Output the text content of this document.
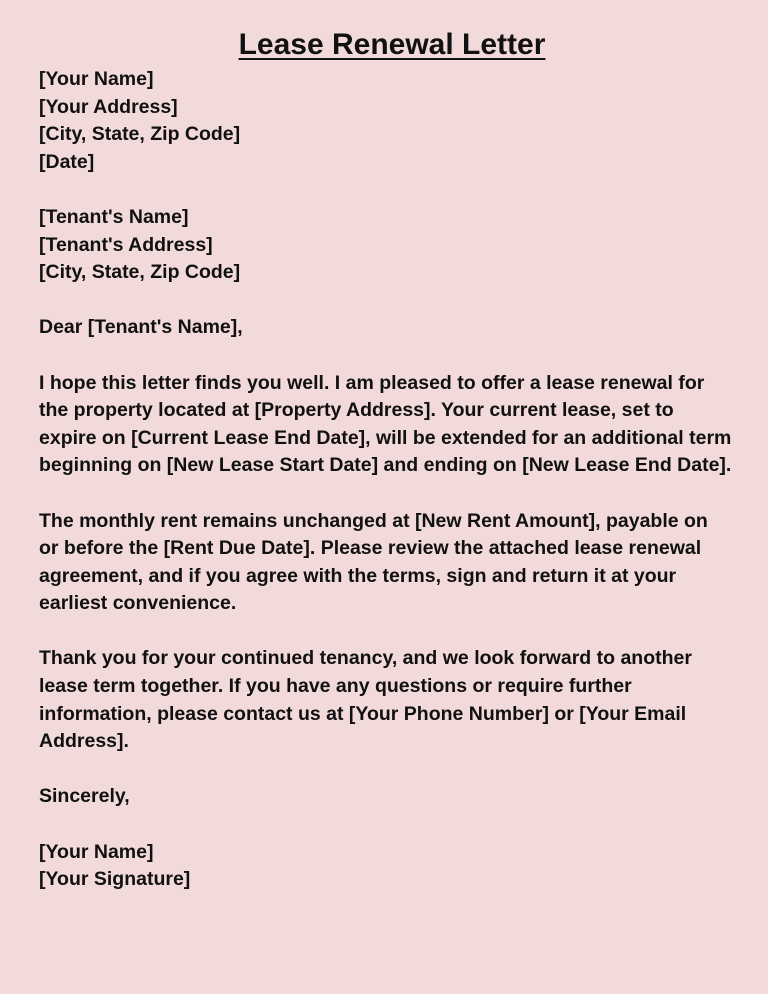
Lease Renewal Letter
[Your Name]
[Your Address]
[City, State, Zip Code]
[Date]
[Tenant's Name]
[Tenant's Address]
[City, State, Zip Code]
Dear [Tenant's Name],
I hope this letter finds you well. I am pleased to offer a lease renewal for
the property located at [Property Address]. Your current lease, set to
expire on [Current Lease End Date], will be extended for an additional term
beginning on [New Lease Start Date] and ending on [New Lease End Date].
The monthly rent remains unchanged at [New Rent Amount], payable on
or before the [Rent Due Date]. Please review the attached lease renewal
agreement, and if you agree with the terms, sign and return it at your
earliest convenience.
Thank you for your continued tenancy, and we look forward to another
lease term together. If you have any questions or require further
information, please contact us at [Your Phone Number] or [Your Email
Address].
Sincerely,
[Your Name]
[Your Signature]
